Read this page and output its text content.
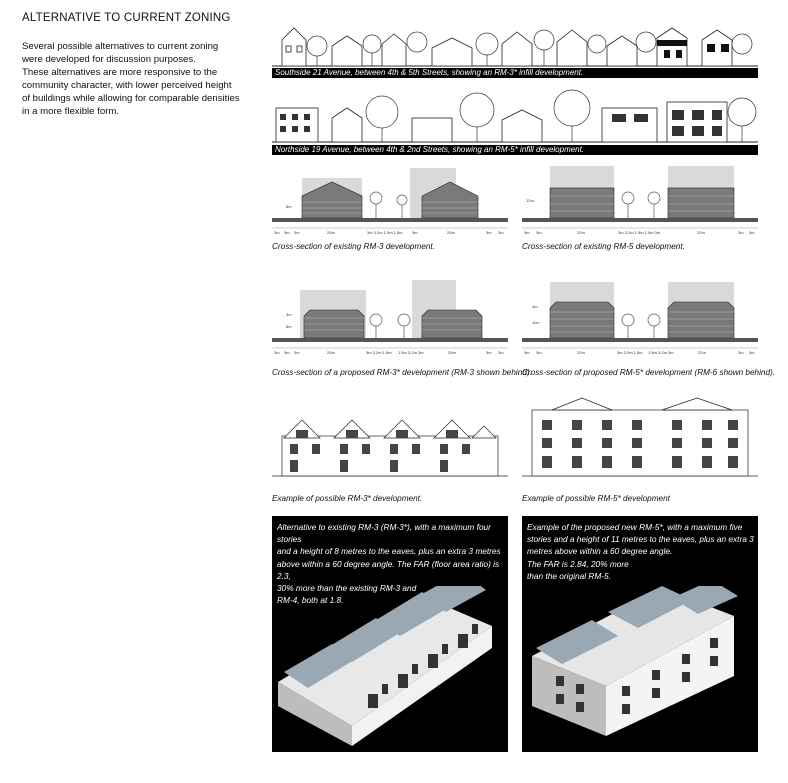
ALTERNATIVE TO CURRENT ZONING

Several possible alternatives to current zoning

were developed for discussion purposes.

These alternatives are more responsive to the

community character, with lower perceived height

of buildings while allowing for comparable densities

in a more flexible form.

Southside 21 Avenue, between 4th & 5th Streets, showing an RM-3* infill development.
Northside 19 Avenue, between 4th & 2nd Streets, showing an RM-5* infill development.
8m
3m 3m 3m	20m	3m 3.2m 1.5m 1.5m 3m	20m	3m 3m
Cross-section of existing RM-3 development.
12m
3m 3m	22m	3m 3.2m 1.5m 1.5m 3m	22m	3m 3m
Cross-section of existing RM-5 development.
3m
8m
3m 3m 3m	20m	3m 3.2m 1.5m 1.5m 3.2m 3m	20m	3m 3m
Cross-section of a proposed RM-3* development (RM-3 shown behind).
3m
11m
3m 3m	22m	3m 3.2m 1.5m 1.5m 3.2m 3m	22m	3m 3m
Cross-section of proposed RM-5* development (RM-6 shown behind).
Example of possible RM-3* development.	Example of possible RM-5* development

Alternative to existing RM-3 (RM-3*), with a maximum four stories

and a height of 8 metres to the eaves, plus an extra 3 metres

above within a 60 degree angle. The FAR (floor area ratio) is 2.3,

30% more than the existing RM-3 and

RM-4, both at 1.8.

Example of the proposed new RM-5*, with a maximum five

stories and a height of 11 metres to the eaves, plus an extra 3

metres above within a 60 degree angle.

The FAR is 2.84, 20% more

than the original RM-5.
